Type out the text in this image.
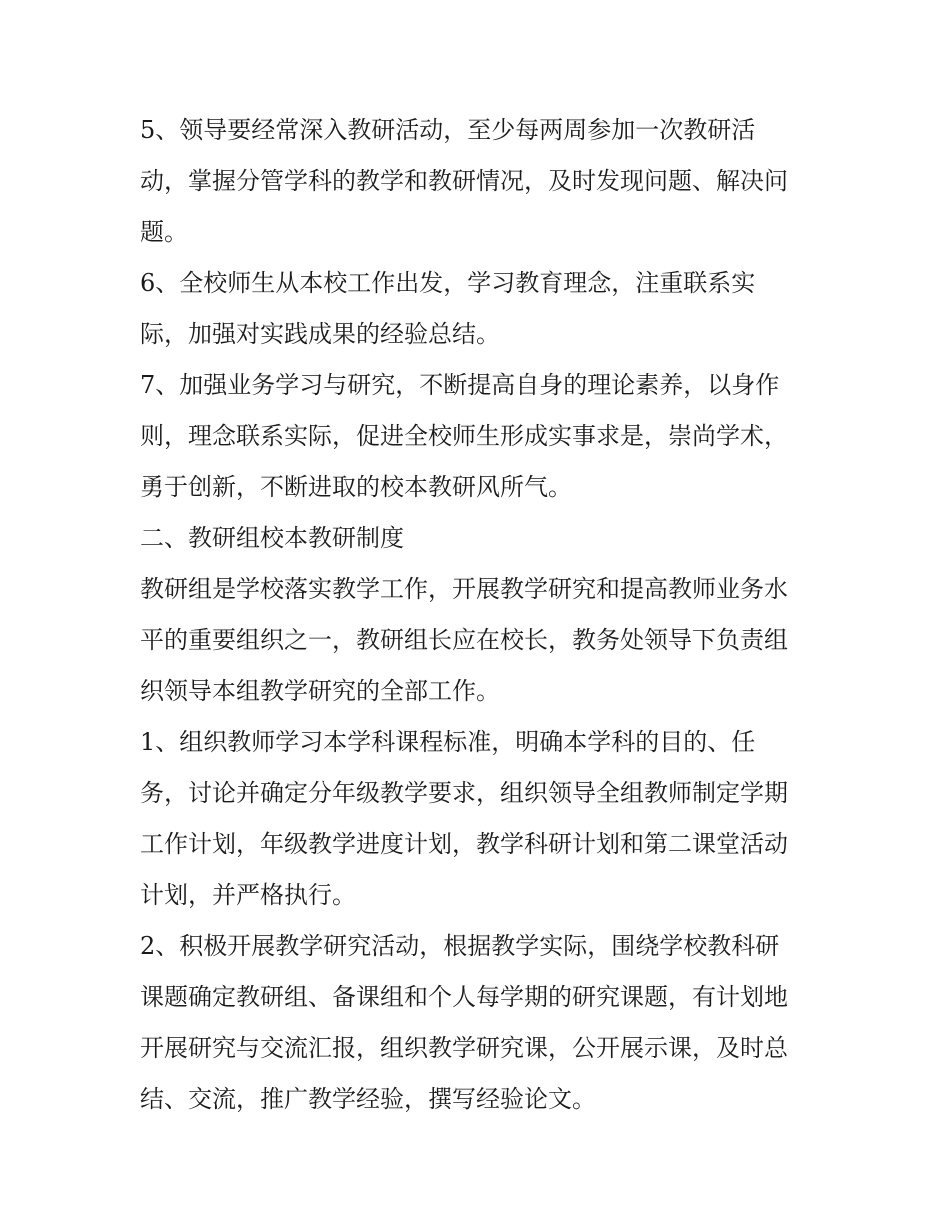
5、领导要经常深入教研活动，至少每两周参加一次教研活
动，掌握分管学科的教学和教研情况，及时发现问题、解决问
题。
6、全校师生从本校工作出发，学习教育理念，注重联系实
际，加强对实践成果的经验总结。
7、加强业务学习与研究，不断提高自身的理论素养，以身作
则，理念联系实际，促进全校师生形成实事求是，崇尚学术，
勇于创新，不断进取的校本教研风所气。
二、教研组校本教研制度
教研组是学校落实教学工作，开展教学研究和提高教师业务水
平的重要组织之一，教研组长应在校长，教务处领导下负责组
织领导本组教学研究的全部工作。
1、组织教师学习本学科课程标准，明确本学科的目的、任
务，讨论并确定分年级教学要求，组织领导全组教师制定学期
工作计划，年级教学进度计划，教学科研计划和第二课堂活动
计划，并严格执行。
2、积极开展教学研究活动，根据教学实际，围绕学校教科研
课题确定教研组、备课组和个人每学期的研究课题，有计划地
开展研究与交流汇报，组织教学研究课，公开展示课，及时总
结、交流，推广教学经验，撰写经验论文。
